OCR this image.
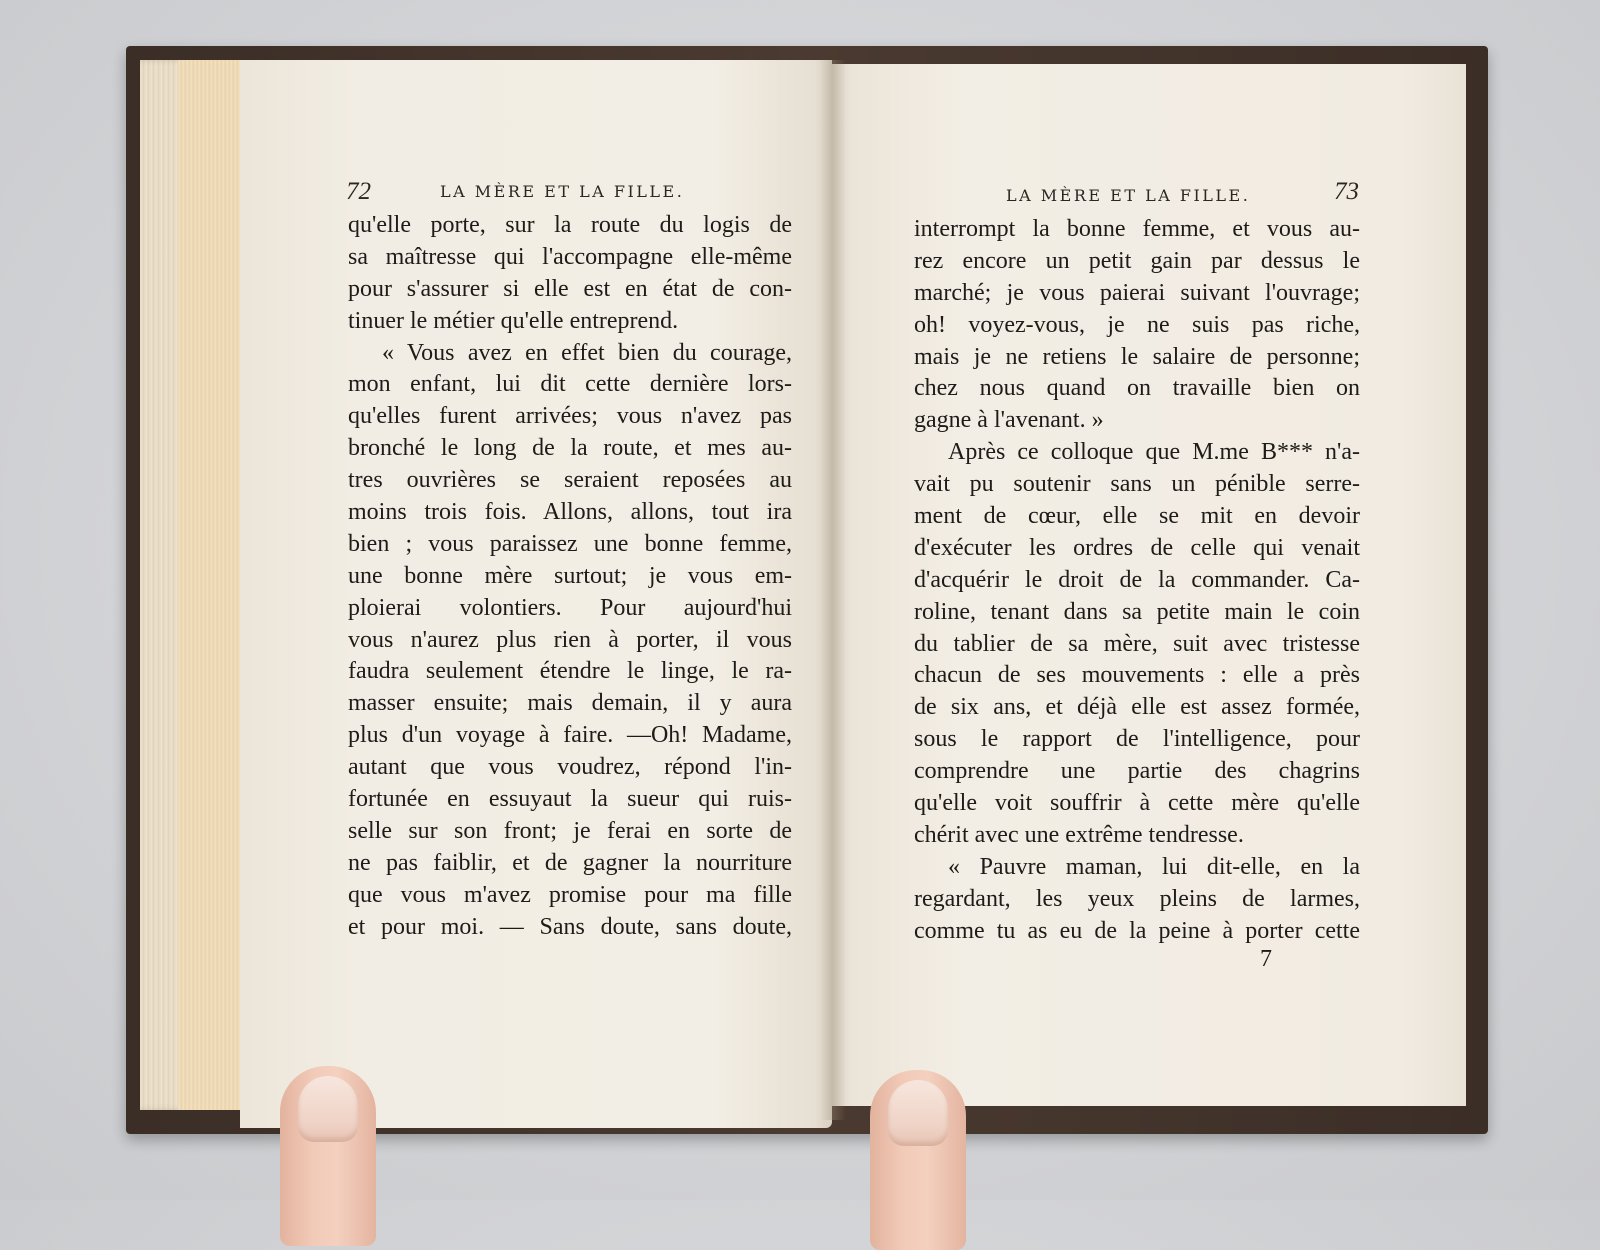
72	LA MÈRE ET LA FILLE.	LA MÈRE ET LA FILLE.	73
qu'elle porte, sur la route du logis de
sa maîtresse qui l'accompagne elle-même
pour s'assurer si elle est en état de con-
tinuer le métier qu'elle entreprend.
« Vous avez en effet bien du courage,
mon enfant, lui dit cette dernière lors-
qu'elles furent arrivées; vous n'avez pas
bronché le long de la route, et mes au-
tres ouvrières se seraient reposées au
moins trois fois. Allons, allons, tout ira
bien ; vous paraissez une bonne femme,
une bonne mère surtout; je vous em-
ploierai volontiers. Pour aujourd'hui
vous n'aurez plus rien à porter, il vous
faudra seulement étendre le linge, le ra-
masser ensuite; mais demain, il y aura
plus d'un voyage à faire. —Oh! Madame,
autant que vous voudrez, répond l'in-
fortunée en essuyaut la sueur qui ruis-
selle sur son front; je ferai en sorte de
ne pas faiblir, et de gagner la nourriture
que vous m'avez promise pour ma fille
et pour moi. — Sans doute, sans doute,
interrompt la bonne femme, et vous au-
rez encore un petit gain par dessus le
marché; je vous paierai suivant l'ouvrage;
oh! voyez-vous, je ne suis pas riche,
mais je ne retiens le salaire de personne;
chez nous quand on travaille bien on
gagne à l'avenant. »
Après ce colloque que M.me B*** n'a-
vait pu soutenir sans un pénible serre-
ment de cœur, elle se mit en devoir
d'exécuter les ordres de celle qui venait
d'acquérir le droit de la commander. Ca-
roline, tenant dans sa petite main le coin
du tablier de sa mère, suit avec tristesse
chacun de ses mouvements : elle a près
de six ans, et déjà elle est assez formée,
sous le rapport de l'intelligence, pour
comprendre une partie des chagrins
qu'elle voit souffrir à cette mère qu'elle
chérit avec une extrême tendresse.
« Pauvre maman, lui dit-elle, en la
regardant, les yeux pleins de larmes,
comme tu as eu de la peine à porter cette
7
